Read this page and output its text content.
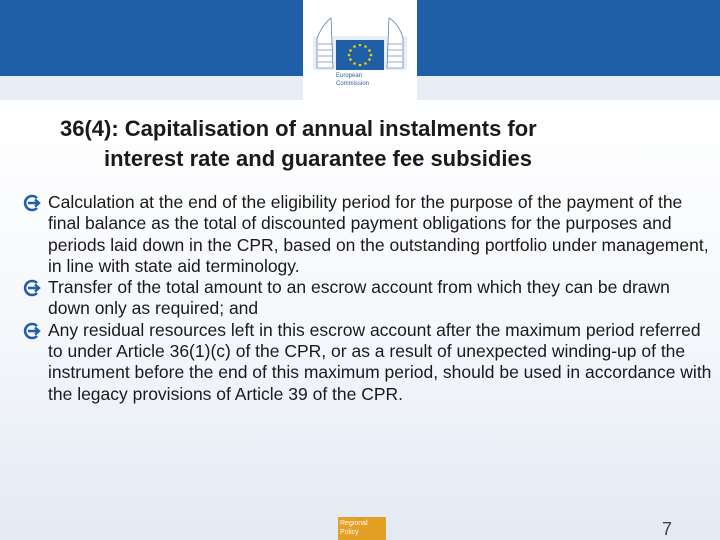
European
Commission
36(4): Capitalisation of annual instalments for
interest rate and guarantee fee subsidies
Calculation at the end of the eligibility period for the purpose of the payment of the final balance as the total of discounted payment obligations for the purposes and periods laid down in the CPR, based on the outstanding portfolio under management, in line with state aid terminology.
Transfer of the total amount to an escrow account from which they can be drawn down only as required; and
Any residual resources left in this escrow account after the maximum period referred to under Article 36(1)(c) of the CPR, or as a result of unexpected winding-up of the instrument before the end of this maximum period, should be used in accordance with the legacy provisions of Article 39 of the CPR.
Regional
Policy	7
